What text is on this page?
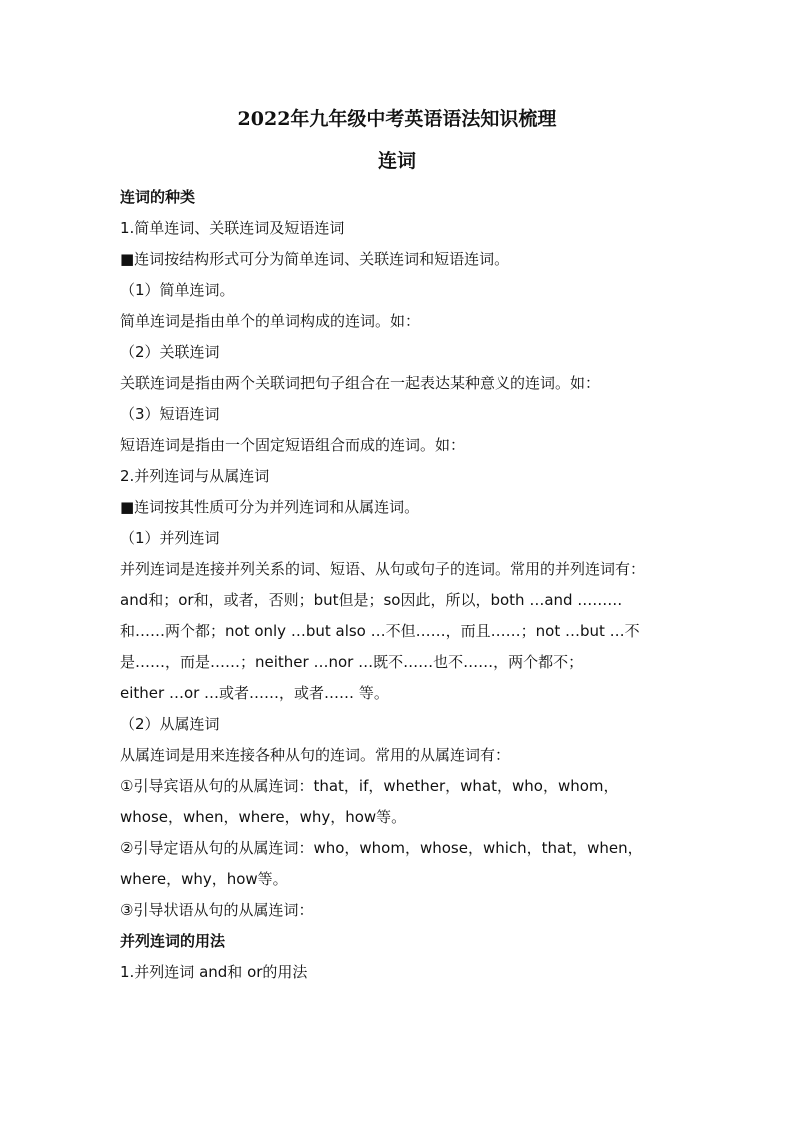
2022年九年级中考英语语法知识梳理
连词

连词的种类

1.简单连词、关联连词及短语连词

■连词按结构形式可分为简单连词、关联连词和短语连词。

（1）简单连词。

简单连词是指由单个的单词构成的连词。如：

（2）关联连词

关联连词是指由两个关联词把句子组合在一起表达某种意义的连词。如：

（3）短语连词

短语连词是指由一个固定短语组合而成的连词。如：

2.并列连词与从属连词

■连词按其性质可分为并列连词和从属连词。

（1）并列连词

并列连词是连接并列关系的词、短语、从句或句子的连词。常用的并列连词有：

and和；or和，或者，否则；but但是；so因此，所以，both …and ………

和……两个都；not only …but also …不但……，而且……；not …but …不

是……，而是……；neither …nor …既不……也不……，两个都不；

either …or …或者……，或者…… 等。

（2）从属连词

从属连词是用来连接各种从句的连词。常用的从属连词有：

①引导宾语从句的从属连词：that，if，whether，what，who，whom，

whose，when，where，why，how等。

②引导定语从句的从属连词：who，whom，whose，which，that，when，

where，why，how等。

③引导状语从句的从属连词：

并列连词的用法

1.并列连词 and和 or的用法
